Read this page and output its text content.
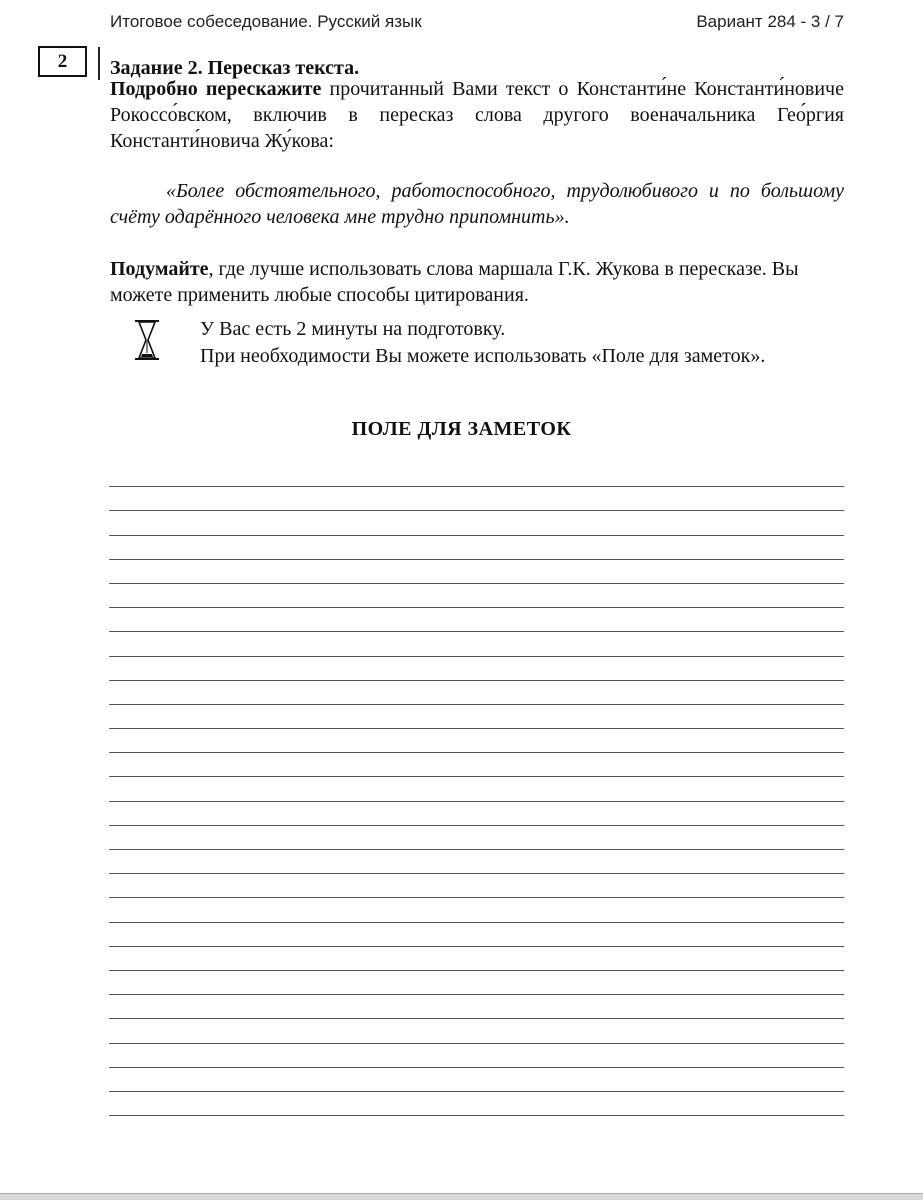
Итоговое собеседование. Русский язык	Вариант 284 - 3 / 7
2	Задание 2. Пересказ текста.
Подробно перескажите прочитанный Вами текст о Константи́не Константи́новиче Рокоссо́вском, включив в пересказ слова другого военачальника Гео́ргия Константи́новича Жу́кова:
«Более обстоятельного, работоспособного, трудолюбивого и по большому счёту одарённого человека мне трудно припомнить».
Подумайте, где лучше использовать слова маршала Г.К. Жукова в пересказе. Вы можете применить любые способы цитирования.
У Вас есть 2 минуты на подготовку.
При необходимости Вы можете использовать «Поле для заметок».
ПОЛЕ ДЛЯ ЗАМЕТОК
